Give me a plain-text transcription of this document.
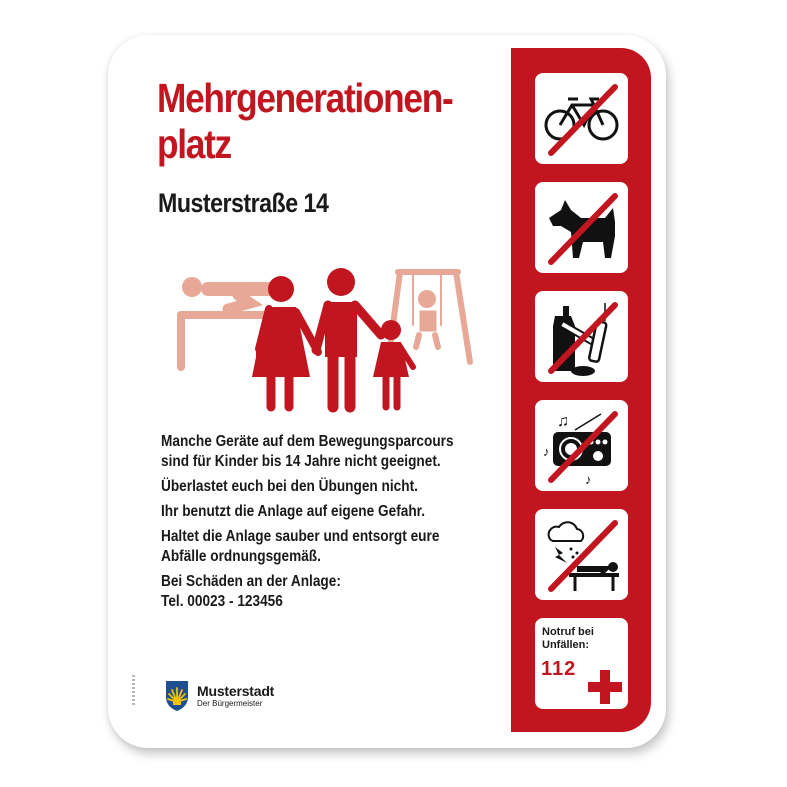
Mehrgenerationen-
platz
Musterstraße 14

Manche Geräte auf dem Bewegungsparcours
sind für Kinder bis 14 Jahre nicht geeignet.

Überlastet euch bei den Übungen nicht.

Ihr benutzt die Anlage auf eigene Gefahr.

Haltet die Anlage sauber und entsorgt eure
Abfälle ordnungsgemäß.

Bei Schäden an der Anlage:
Tel. 00023 - 123456

Musterstadt
Der Bürgermeister
♫
♪
♪
Notruf bei
Unfällen:
112
